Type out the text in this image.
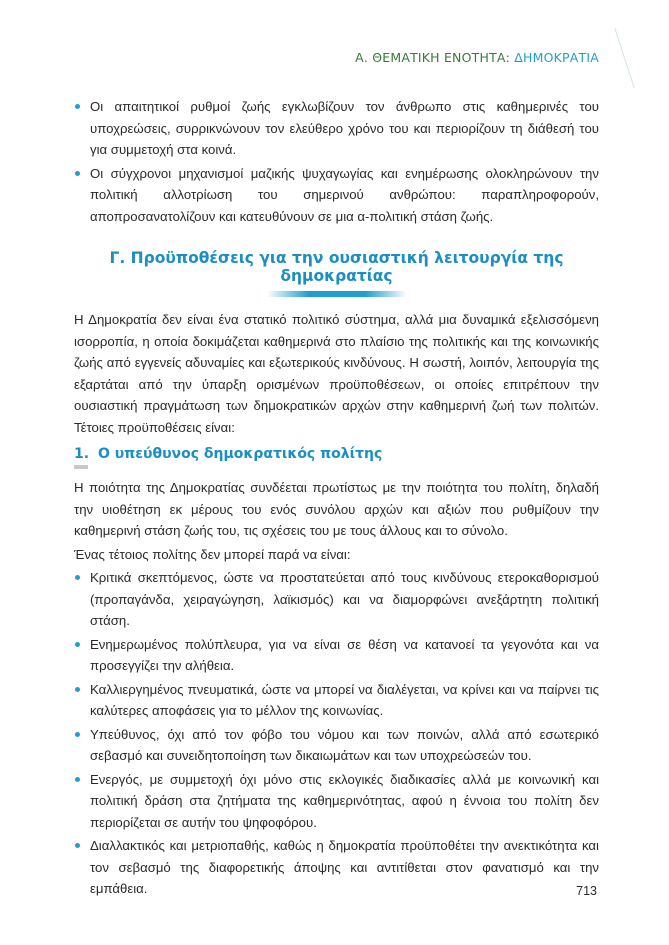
Α. ΘΕΜΑΤΙΚΗ ΕΝΟΤΗΤΑ: ΔΗΜΟΚΡΑΤΙΑ
Οι απαιτητικοί ρυθμοί ζωής εγκλωβίζουν τον άνθρωπο στις καθημερινές του υποχρεώσεις, συρρικνώνουν τον ελεύθερο χρόνο του και περιορίζουν τη διάθεσή του για συμμετοχή στα κοινά.
Οι σύγχρονοι μηχανισμοί μαζικής ψυχαγωγίας και ενημέρωσης ολοκληρώνουν την πολιτική αλλοτρίωση του σημερινού ανθρώπου: παραπληροφορούν, αποπροσανατολίζουν και κατευθύνουν σε μια α-πολιτική στάση ζωής.
Γ. Προϋποθέσεις για την ουσιαστική λειτουργία της δημοκρατίας

Η Δημοκρατία δεν είναι ένα στατικό πολιτικό σύστημα, αλλά μια δυναμικά εξελισσόμενη ισορροπία, η οποία δοκιμάζεται καθημερινά στο πλαίσιο της πολιτικής και της κοινωνικής ζωής από εγγενείς αδυναμίες και εξωτερικούς κινδύνους. Η σωστή, λοιπόν, λειτουργία της εξαρτάται από την ύπαρξη ορισμένων προϋποθέσεων, οι οποίες επιτρέπουν την ουσιαστική πραγμάτωση των δημοκρατικών αρχών στην καθημερινή ζωή των πολιτών. Τέτοιες προϋποθέσεις είναι:

1. Ο υπεύθυνος δημοκρατικός πολίτης

Η ποιότητα της Δημοκρατίας συνδέεται πρωτίστως με την ποιότητα του πολίτη, δηλαδή την υιοθέτηση εκ μέρους του ενός συνόλου αρχών και αξιών που ρυθμίζουν την καθημερινή στάση ζωής του, τις σχέσεις του με τους άλλους και το σύνολο.

Ένας τέτοιος πολίτης δεν μπορεί παρά να είναι:

Κριτικά σκεπτόμενος, ώστε να προστατεύεται από τους κινδύνους ετεροκαθορισμού (προπαγάνδα, χειραγώγηση, λαϊκισμός) και να διαμορφώνει ανεξάρτητη πολιτική στάση.
Ενημερωμένος πολύπλευρα, για να είναι σε θέση να κατανοεί τα γεγονότα και να προσεγγίζει την αλήθεια.
Καλλιεργημένος πνευματικά, ώστε να μπορεί να διαλέγεται, να κρίνει και να παίρνει τις καλύτερες αποφάσεις για το μέλλον της κοινωνίας.
Υπεύθυνος, όχι από τον φόβο του νόμου και των ποινών, αλλά από εσωτερικό σεβασμό και συνειδητοποίηση των δικαιωμάτων και των υποχρεώσεών του.
Ενεργός, με συμμετοχή όχι μόνο στις εκλογικές διαδικασίες αλλά με κοινωνική και πολιτική δράση στα ζητήματα της καθημερινότητας, αφού η έννοια του πολίτη δεν περιορίζεται σε αυτήν του ψηφοφόρου.
Διαλλακτικός και μετριοπαθής, καθώς η δημοκρατία προϋποθέτει την ανεκτικότητα και τον σεβασμό της διαφορετικής άποψης και αντιτίθεται στον φανατισμό και την εμπάθεια.	713
